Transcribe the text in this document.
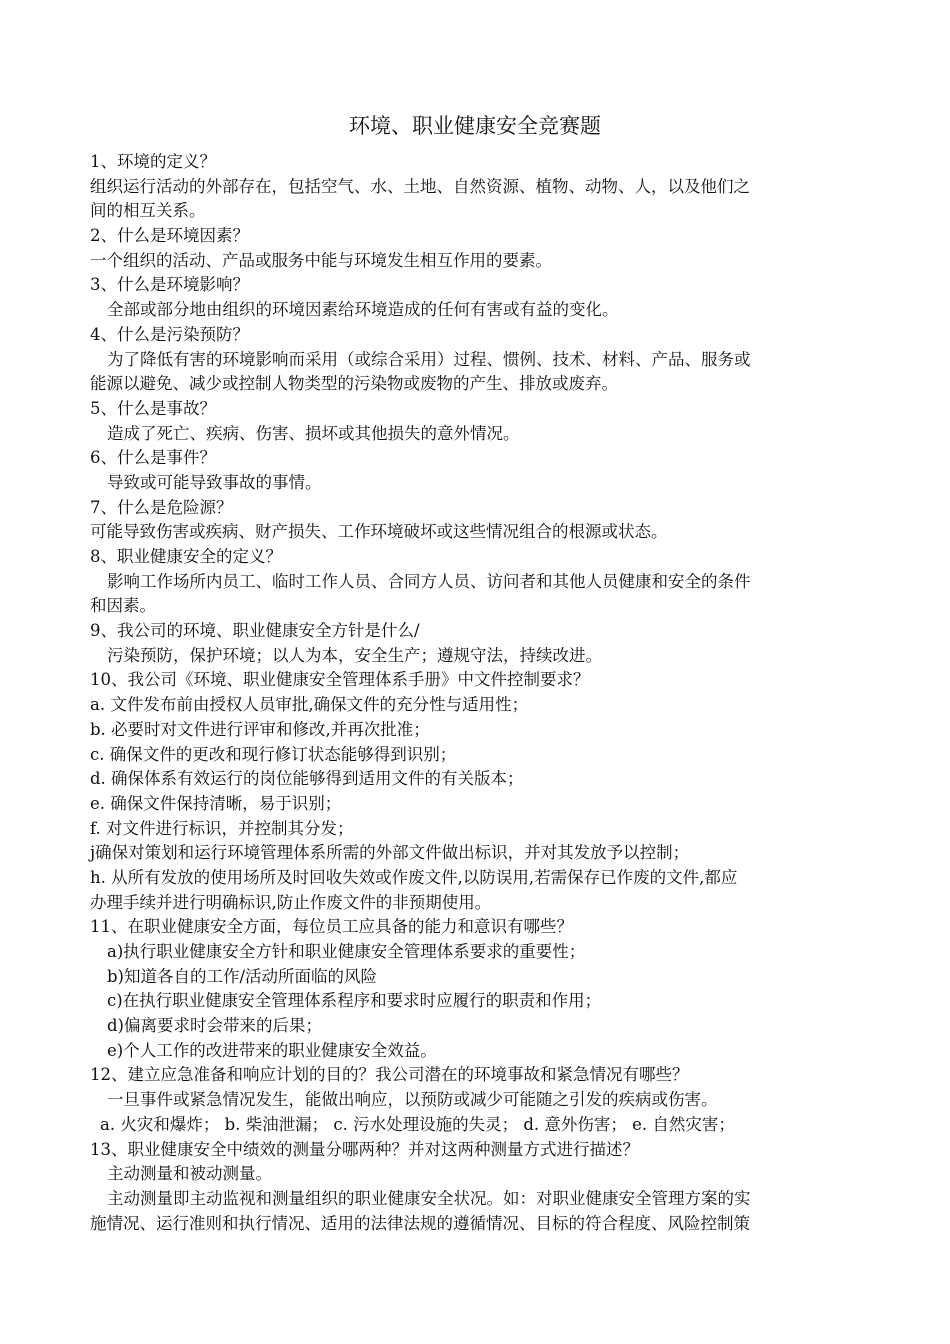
环境、职业健康安全竞赛题
1、环境的定义？
组织运行活动的外部存在，包括空气、水、土地、自然资源、植物、动物、人，以及他们之
间的相互关系。
2、什么是环境因素？
一个组织的活动、产品或服务中能与环境发生相互作用的要素。
3、什么是环境影响？
全部或部分地由组织的环境因素给环境造成的任何有害或有益的变化。
4、什么是污染预防？
为了降低有害的环境影响而采用（或综合采用）过程、惯例、技术、材料、产品、服务或
能源以避免、减少或控制人物类型的污染物或废物的产生、排放或废弃。
5、什么是事故？
造成了死亡、疾病、伤害、损坏或其他损失的意外情况。
6、什么是事件？
导致或可能导致事故的事情。
7、什么是危险源？
可能导致伤害或疾病、财产损失、工作环境破坏或这些情况组合的根源或状态。
8、职业健康安全的定义？
影响工作场所内员工、临时工作人员、合同方人员、访问者和其他人员健康和安全的条件
和因素。
9、我公司的环境、职业健康安全方针是什么/
污染预防，保护环境；以人为本，安全生产；遵规守法，持续改进。
10、我公司《环境、职业健康安全管理体系手册》中文件控制要求？
a. 文件发布前由授权人员审批,确保文件的充分性与适用性；
b. 必要时对文件进行评审和修改,并再次批准；
c. 确保文件的更改和现行修订状态能够得到识别；
d. 确保体系有效运行的岗位能够得到适用文件的有关版本；
e. 确保文件保持清晰，易于识别；
f. 对文件进行标识，并控制其分发；
j确保对策划和运行环境管理体系所需的外部文件做出标识，并对其发放予以控制；
h. 从所有发放的使用场所及时回收失效或作废文件,以防误用,若需保存已作废的文件,都应
办理手续并进行明确标识,防止作废文件的非预期使用。
11、在职业健康安全方面，每位员工应具备的能力和意识有哪些？
a)执行职业健康安全方针和职业健康安全管理体系要求的重要性；
b)知道各自的工作/活动所面临的风险
c)在执行职业健康安全管理体系程序和要求时应履行的职责和作用；
d)偏离要求时会带来的后果；
e)个人工作的改进带来的职业健康安全效益。
12、建立应急准备和响应计划的目的？我公司潜在的环境事故和紧急情况有哪些？
一旦事件或紧急情况发生，能做出响应，以预防或减少可能随之引发的疾病或伤害。
a. 火灾和爆炸； b. 柴油泄漏； c. 污水处理设施的失灵； d. 意外伤害； e. 自然灾害；
13、职业健康安全中绩效的测量分哪两种？并对这两种测量方式进行描述？
主动测量和被动测量。
主动测量即主动监视和测量组织的职业健康安全状况。如：对职业健康安全管理方案的实
施情况、运行准则和执行情况、适用的法律法规的遵循情况、目标的符合程度、风险控制策
